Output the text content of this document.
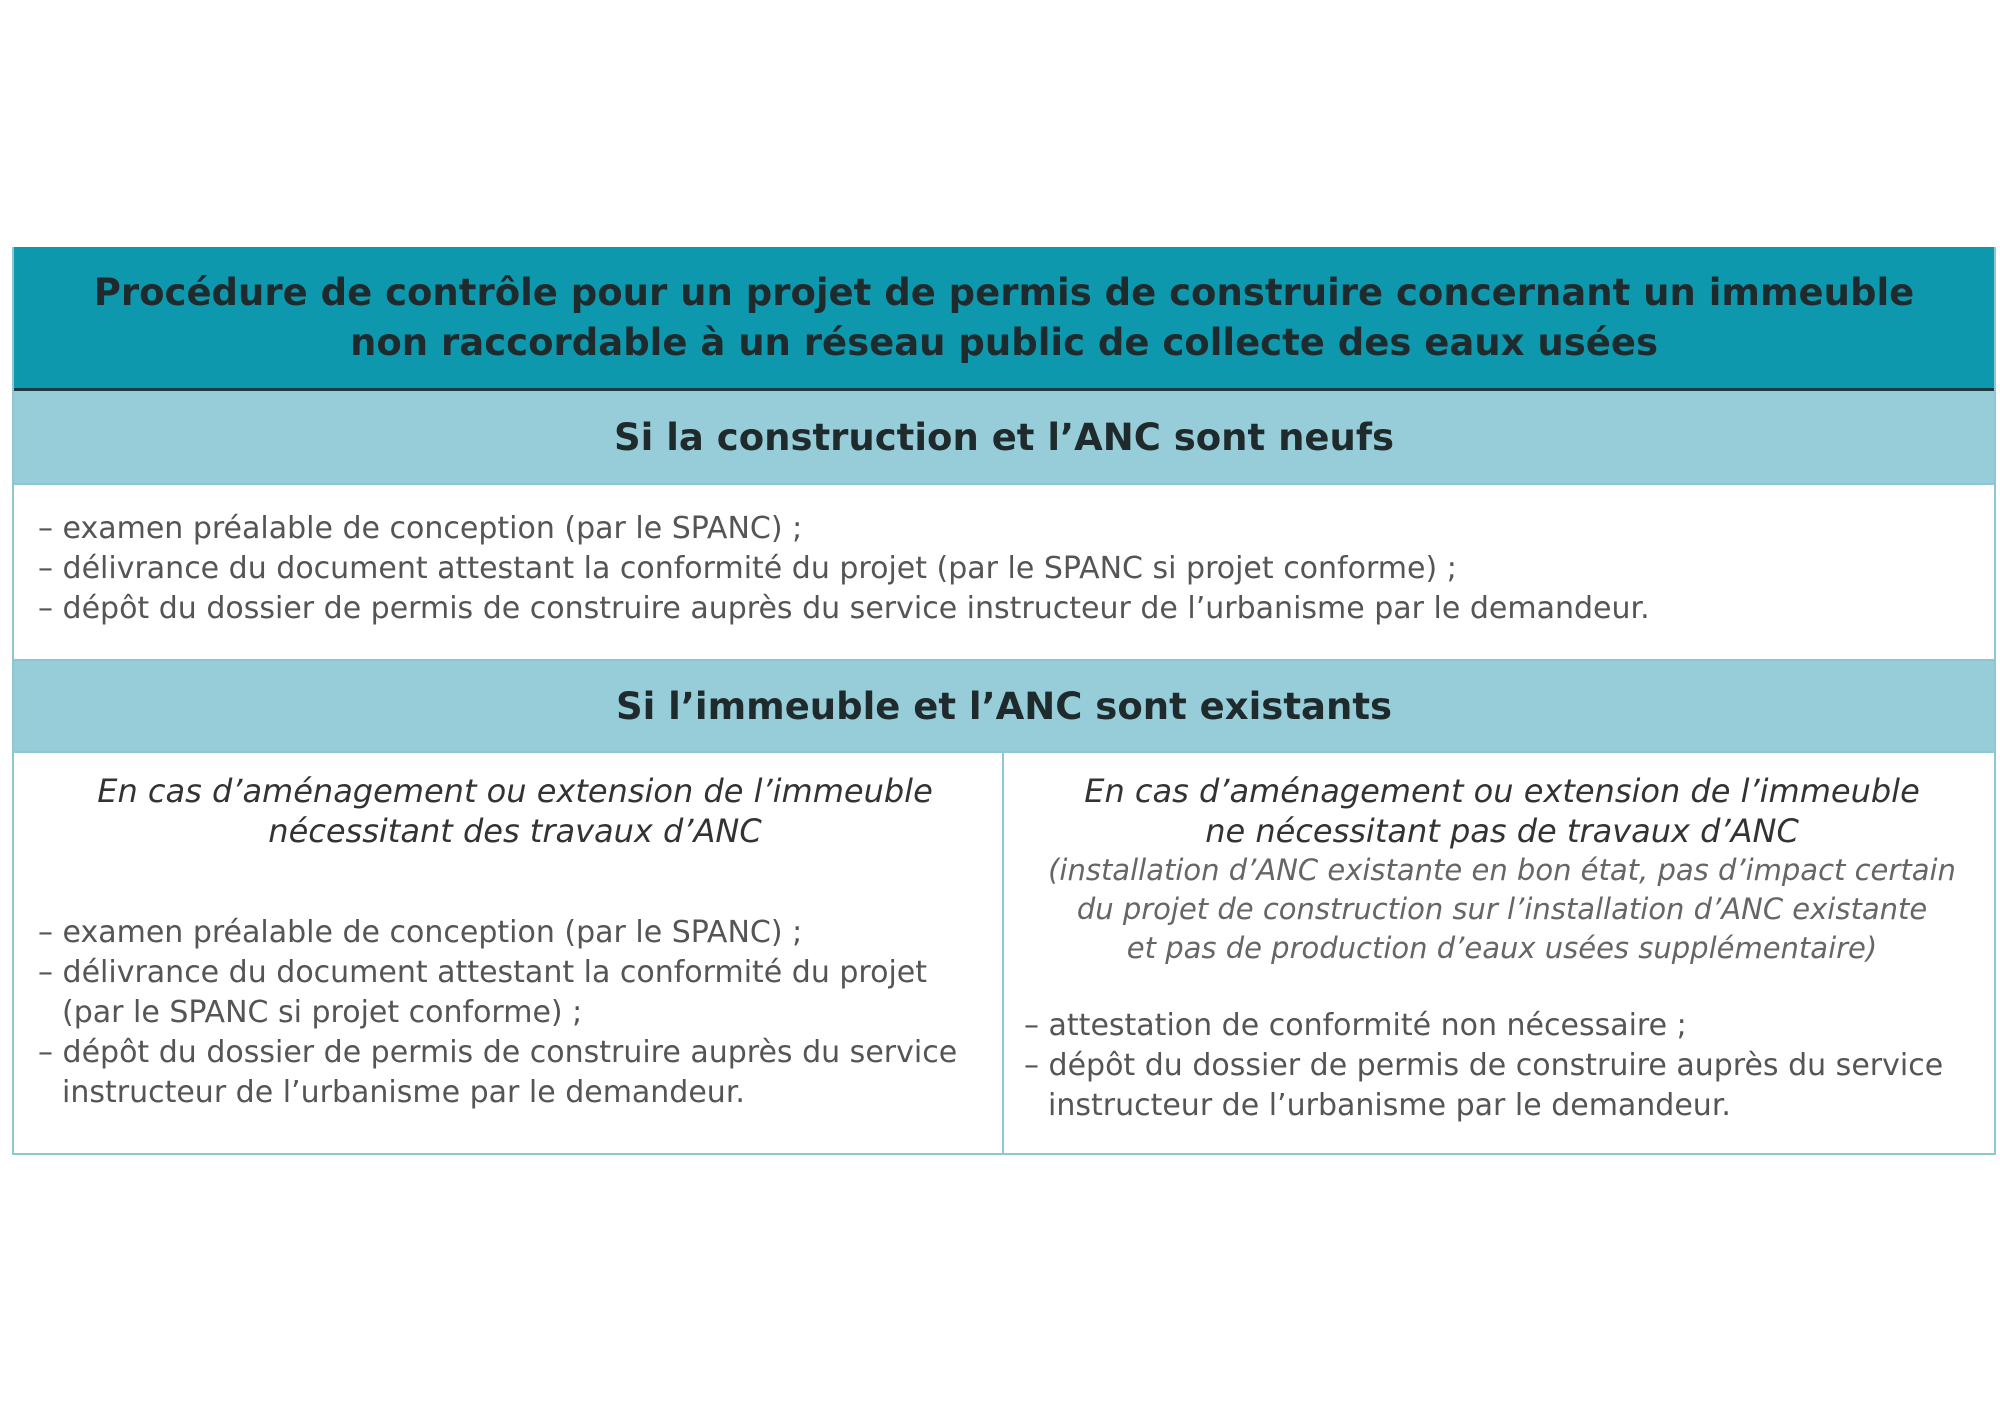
Procédure de contrôle pour un projet de permis de construire concernant un immeuble
non raccordable à un réseau public de collecte des eaux usées
Si la construction et l’ANC sont neufs
– examen préalable de conception (par le SPANC) ;
– délivrance du document attestant la conformité du projet (par le SPANC si projet conforme) ;
– dépôt du dossier de permis de construire auprès du service instructeur de l’urbanisme par le demandeur.
Si l’immeuble et l’ANC sont existants
En cas d’aménagement ou extension de l’immeuble
nécessitant des travaux d’ANC
– examen préalable de conception (par le SPANC) ;
– délivrance du document attestant la conformité du projet (par le SPANC si projet conforme) ;
– dépôt du dossier de permis de construire auprès du service instructeur de l’urbanisme par le demandeur.
En cas d’aménagement ou extension de l’immeuble
ne nécessitant pas de travaux d’ANC
(installation d’ANC existante en bon état, pas d’impact certain
du projet de construction sur l’installation d’ANC existante
et pas de production d’eaux usées supplémentaire)
– attestation de conformité non nécessaire ;
– dépôt du dossier de permis de construire auprès du service instructeur de l’urbanisme par le demandeur.
